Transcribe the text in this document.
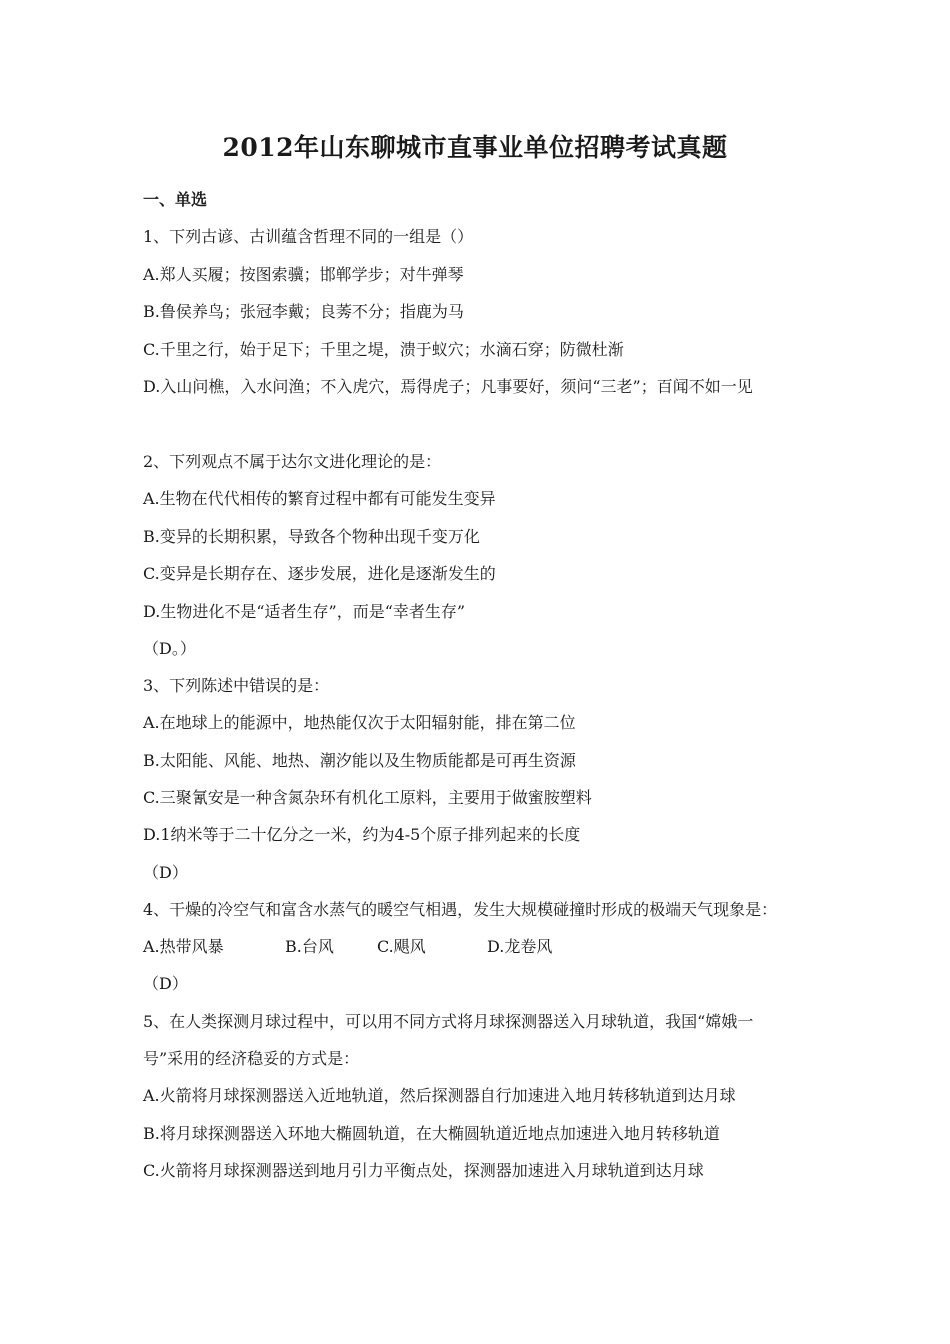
2012年山东聊城市直事业单位招聘考试真题
一、单选
1、下列古谚、古训蕴含哲理不同的一组是（）
A.郑人买履；按图索骥；邯郸学步；对牛弹琴
B.鲁侯养鸟；张冠李戴；良莠不分；指鹿为马
C.千里之行，始于足下；千里之堤，溃于蚁穴；水滴石穿；防微杜渐
D.入山问樵，入水问渔；不入虎穴，焉得虎子；凡事要好，须问“三老”；百闻不如一见
2、下列观点不属于达尔文进化理论的是：
A.生物在代代相传的繁育过程中都有可能发生变异
B.变异的长期积累，导致各个物种出现千变万化
C.变异是长期存在、逐步发展，进化是逐渐发生的
D.生物进化不是“适者生存”，而是“幸者生存”
（D。）
3、下列陈述中错误的是：
A.在地球上的能源中，地热能仅次于太阳辐射能，排在第二位
B.太阳能、风能、地热、潮汐能以及生物质能都是可再生资源
C.三聚氰安是一种含氮杂环有机化工原料，主要用于做蜜胺塑料
D.1纳米等于二十亿分之一米，约为4-5个原子排列起来的长度
（D）
4、干燥的冷空气和富含水蒸气的暖空气相遇，发生大规模碰撞时形成的极端天气现象是：
A.热带风暴	B.台风	C.飓风	D.龙卷风
（D）
5、在人类探测月球过程中，可以用不同方式将月球探测器送入月球轨道，我国“嫦娥一
号”采用的经济稳妥的方式是：
A.火箭将月球探测器送入近地轨道，然后探测器自行加速进入地月转移轨道到达月球
B.将月球探测器送入环地大椭圆轨道，在大椭圆轨道近地点加速进入地月转移轨道
C.火箭将月球探测器送到地月引力平衡点处，探测器加速进入月球轨道到达月球
